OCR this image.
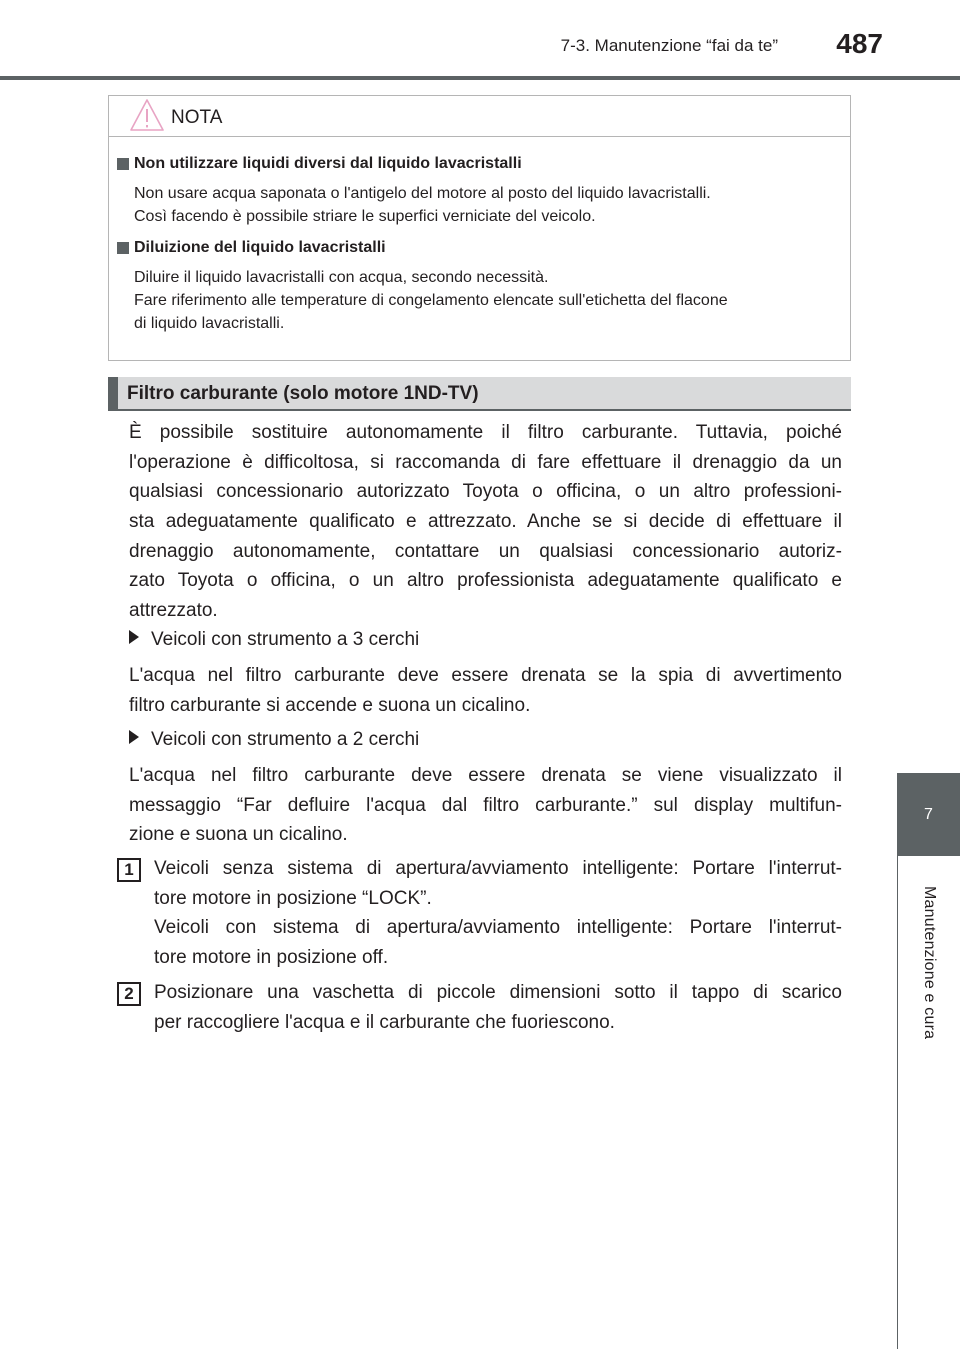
7-3. Manutenzione “fai da te”	487
7
Manutenzione e cura
NOTA
Non utilizzare liquidi diversi dal liquido lavacristalli
Non usare acqua saponata o l'antigelo del motore al posto del liquido lavacristalli.
Così facendo è possibile striare le superfici verniciate del veicolo.
Diluizione del liquido lavacristalli
Diluire il liquido lavacristalli con acqua, secondo necessità.
Fare riferimento alle temperature di congelamento elencate sull'etichetta del flacone
di liquido lavacristalli.
Filtro carburante (solo motore 1ND-TV)
È possibile sostituire autonomamente il filtro carburante. Tuttavia, poiché
l'operazione è difficoltosa, si raccomanda di fare effettuare il drenaggio da un
qualsiasi concessionario autorizzato Toyota o officina, o un altro professioni-
sta adeguatamente qualificato e attrezzato. Anche se si decide di effettuare il
drenaggio autonomamente, contattare un qualsiasi concessionario autoriz-
zato Toyota o officina, o un altro professionista adeguatamente qualificato e
attrezzato.
Veicoli con strumento a 3 cerchi
L'acqua nel filtro carburante deve essere drenata se la spia di avvertimento
filtro carburante si accende e suona un cicalino.
Veicoli con strumento a 2 cerchi
L'acqua nel filtro carburante deve essere drenata se viene visualizzato il
messaggio “Far defluire l'acqua dal filtro carburante.” sul display multifun-
zione e suona un cicalino.
1	Veicoli senza sistema di apertura/avviamento intelligente: Portare l'interrut-
tore motore in posizione “LOCK”.
Veicoli con sistema di apertura/avviamento intelligente: Portare l'interrut-
tore motore in posizione off.
2	Posizionare una vaschetta di piccole dimensioni sotto il tappo di scarico
per raccogliere l'acqua e il carburante che fuoriescono.
